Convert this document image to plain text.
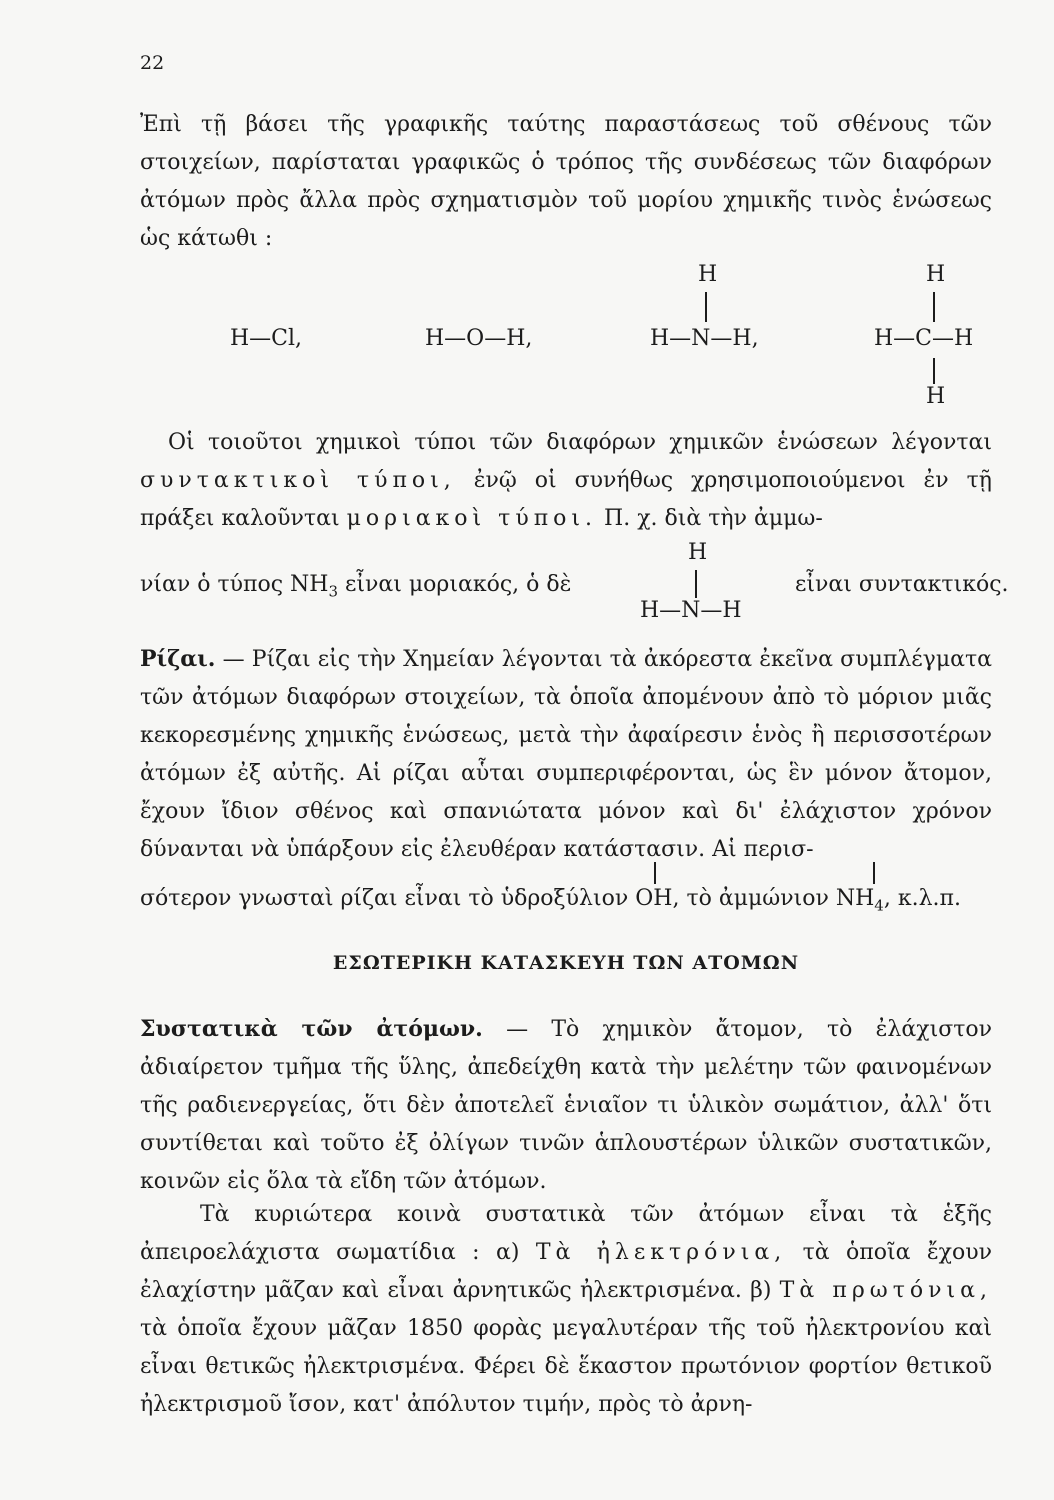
22

Ἐπὶ τῇ βάσει τῆς γραφικῆς ταύτης παραστάσεως τοῦ σθένους τῶν στοιχείων, παρίσταται γραφικῶς ὁ τρόπος τῆς συνδέσεως τῶν διαφόρων ἀτόμων πρὸς ἄλλα πρὸς σχηματισμὸν τοῦ μορίου χημικῆς τινὸς ἑνώσεως ὡς κάτωθι :

H—Cl,	H—O—H,
H
H—N—H,
H
H—C—H
H

Οἱ τοιοῦτοι χημικοὶ τύποι τῶν διαφόρων χημικῶν ἑνώσεων λέγονται συντακτικοὶ τύποι, ἐνῷ οἱ συνήθως χρησιμοποιούμενοι ἐν τῇ πράξει καλοῦνται μοριακοὶ τύποι. Π. χ. διὰ τὴν ἀμμω-

νίαν ὁ τύπος $NH_3$ εἶναι μοριακός, ὁ δὲ
H
H—N—H
εἶναι συντακτικός.

Ρίζαι. — Ρίζαι εἰς τὴν Χημείαν λέγονται τὰ ἀκόρεστα ἐκεῖνα συμπλέγματα τῶν ἀτόμων διαφόρων στοιχείων, τὰ ὁποῖα ἀπομένουν ἀπὸ τὸ μόριον μιᾶς κεκορεσμένης χημικῆς ἑνώσεως, μετὰ τὴν ἀφαίρεσιν ἑνὸς ἢ περισσοτέρων ἀτόμων ἐξ αὐτῆς. Αἱ ρίζαι αὗται συμπεριφέρονται, ὡς ἓν μόνον ἄτομον, ἔχουν ἴδιον σθένος καὶ σπανιώτατα μόνον καὶ δι' ἐλάχιστον χρόνον δύνανται νὰ ὑπάρξουν εἰς ἐλευθέραν κατάστασιν. Αἱ περισ-

σότερον γνωσταὶ ρίζαι εἶναι τὸ ὑδροξύλιον OH, τὸ ἀμμώνιον $NH_4$, κ.λ.π.
ΕΣΩΤΕΡΙΚΗ ΚΑΤΑΣΚΕΥΗ ΤΩΝ ΑΤΟΜΩΝ

Συστατικὰ τῶν ἀτόμων. — Τὸ χημικὸν ἄτομον, τὸ ἐλάχιστον ἀδιαίρετον τμῆμα τῆς ὕλης, ἀπεδείχθη κατὰ τὴν μελέτην τῶν φαινομένων τῆς ραδιενεργείας, ὅτι δὲν ἀποτελεῖ ἑνιαῖον τι ὑλικὸν σωμάτιον, ἀλλ' ὅτι συντίθεται καὶ τοῦτο ἐξ ὀλίγων τινῶν ἁπλουστέρων ὑλικῶν συστατικῶν, κοινῶν εἰς ὅλα τὰ εἴδη τῶν ἀτόμων.

Τὰ κυριώτερα κοινὰ συστατικὰ τῶν ἀτόμων εἶναι τὰ ἑξῆς ἀπειροελάχιστα σωματίδια : α) Τὰ ἠλεκτρόνια, τὰ ὁποῖα ἔχουν ἐλαχίστην μᾶζαν καὶ εἶναι ἀρνητικῶς ἠλεκτρισμένα. β) Τὰ πρωτόνια, τὰ ὁποῖα ἔχουν μᾶζαν 1850 φορὰς μεγαλυτέραν τῆς τοῦ ἠλεκτρονίου καὶ εἶναι θετικῶς ἠλεκτρισμένα. Φέρει δὲ ἕκαστον πρωτόνιον φορτίον θετικοῦ ἠλεκτρισμοῦ ἴσον, κατ' ἀπόλυτον τιμήν, πρὸς τὸ ἀρνη-
